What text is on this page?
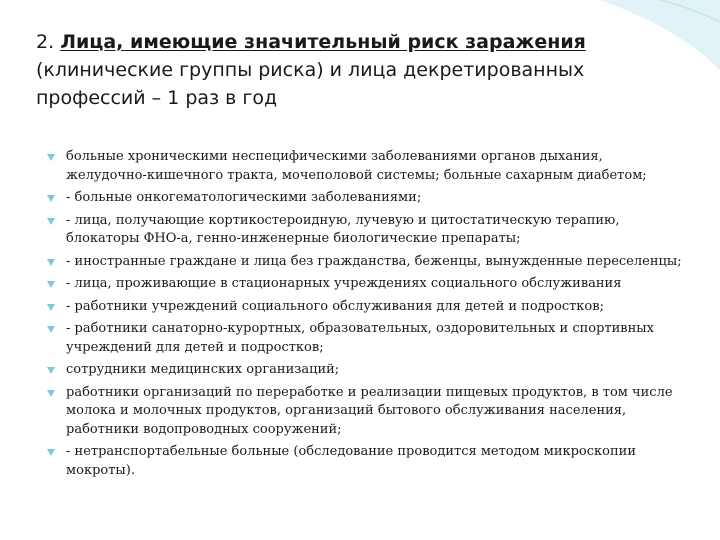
2. Лица, имеющие значительный риск заражения (клинические группы риска) и лица декретированных профессий – 1 раз в год
больные хроническими неспецифическими заболеваниями органов дыхания, желудочно-кишечного тракта, мочеполовой системы; больные сахарным диабетом;
- больные онкогематологическими заболеваниями;
- лица, получающие кортикостероидную, лучевую и цитостатическую терапию, блокаторы ФНО-а, генно-инженерные биологические препараты;
- иностранные граждане и лица без гражданства, беженцы, вынужденные переселенцы;
- лица, проживающие в стационарных учреждениях социального обслуживания
- работники учреждений социального обслуживания для детей и подростков;
- работники санаторно-курортных, образовательных, оздоровительных и спортивных учреждений для детей и подростков;
сотрудники медицинских организаций;
работники организаций по переработке и реализации пищевых продуктов, в том числе молока и молочных продуктов, организаций бытового обслуживания населения, работники водопроводных сооружений;
- нетранспортабельные больные (обследование проводится методом микроскопии мокроты).
